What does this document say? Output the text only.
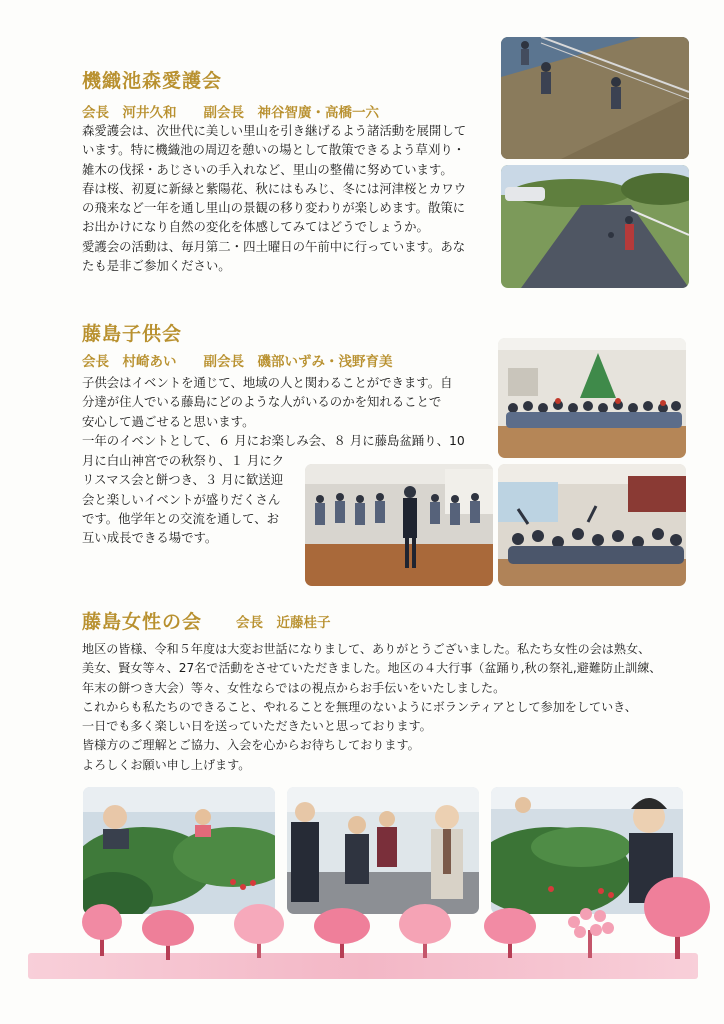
機織池森愛護会
会長　河井久和　　副会長　神谷智廣・高橋一六

森愛護会は、次世代に美しい里山を引き継げるよう諸活動を展開して

います。特に機織池の周辺を憩いの場として散策できるよう草刈り・

雑木の伐採・あじさいの手入れなど、里山の整備に努めています。

春は桜、初夏に新緑と紫陽花、秋にはもみじ、冬には河津桜とカワウ

の飛来など一年を通し里山の景観の移り変わりが楽しめます。散策に

お出かけになり自然の変化を体感してみてはどうでしょうか。

愛護会の活動は、毎月第二・四土曜日の午前中に行っています。あな

たも是非ご参加ください。

藤島子供会
会長　村崎あい　　副会長　磯部いずみ・浅野育美

子供会はイベントを通じて、地域の人と関わることができます。自

分達が住人でいる藤島にどのような人がいるのかを知れることで

安心して過ごせると思います。

一年のイベントとして、６ 月にお楽しみ会、８ 月に藤島盆踊り、10

月に白山神宮での秋祭り、１ 月にク

リスマス会と餅つき、３ 月に歓送迎

会と楽しいイベントが盛りだくさん

です。他学年との交流を通して、お

互い成長できる場です。

藤島女性の会	会長　近藤桂子

地区の皆様、令和５年度は大変お世話になりまして、ありがとうございました。私たち女性の会は熟女、

美女、賢女等々、27名で活動をさせていただきました。地区の４大行事（盆踊り,秋の祭礼,避難防止訓練、

年末の餅つき大会）等々、女性ならではの視点からお手伝いをいたしました。

これからも私たちのできること、やれることを無理のないようにボランティアとして参加をしていき、

一日でも多く楽しい日を送っていただきたいと思っております。

皆様方のご理解とご協力、入会を心からお待ちしております。

よろしくお願い申し上げます。
